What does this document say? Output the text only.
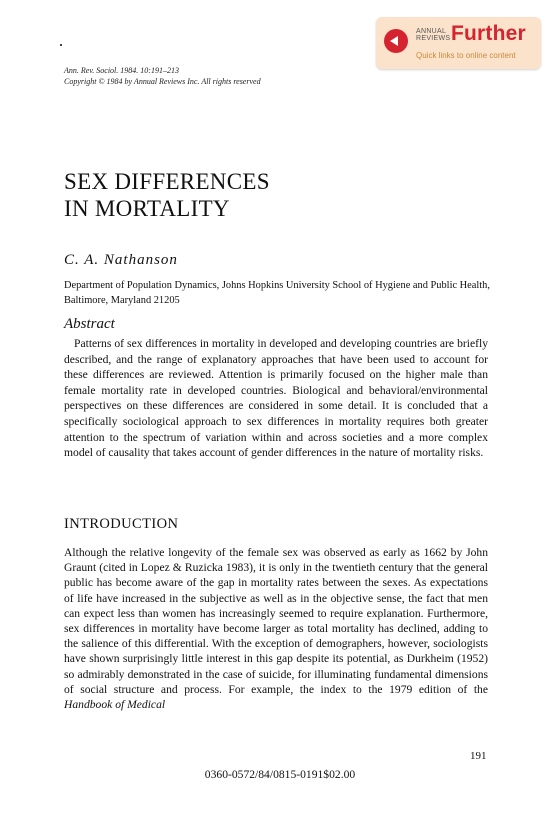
ANNUAL REVIEWS Further
Quick links to online content
Ann. Rev. Sociol. 1984. 10:191–213
Copyright © 1984 by Annual Reviews Inc. All rights reserved
SEX DIFFERENCES
IN MORTALITY

C. A. Nathanson

Department of Population Dynamics, Johns Hopkins University School of Hygiene and Public Health, Baltimore, Maryland 21205
Abstract

Patterns of sex differences in mortality in developed and developing countries are briefly described, and the range of explanatory approaches that have been used to account for these differences are reviewed. Attention is primarily focused on the higher male than female mortality rate in developed countries. Biological and behavioral/environmental perspectives on these differences are considered in some detail. It is concluded that a specifically sociological approach to sex differences in mortality requires both greater attention to the spectrum of variation within and across societies and a more complex model of causality that takes account of gender differences in the nature of mortality risks.

INTRODUCTION

Although the relative longevity of the female sex was observed as early as 1662 by John Graunt (cited in Lopez & Ruzicka 1983), it is only in the twentieth century that the general public has become aware of the gap in mortality rates between the sexes. As expectations of life have increased in the subjective as well as in the objective sense, the fact that men can expect less than women has increasingly seemed to require explanation. Furthermore, sex differences in mortality have become larger as total mortality has declined, adding to the salience of this differential. With the exception of demographers, however, sociologists have shown surprisingly little interest in this gap despite its potential, as Durkheim (1952) so admirably demonstrated in the case of suicide, for illuminating fundamental dimensions of social structure and process. For example, the index to the 1979 edition of the Handbook of Medical

191
0360-0572/84/0815-0191$02.00
